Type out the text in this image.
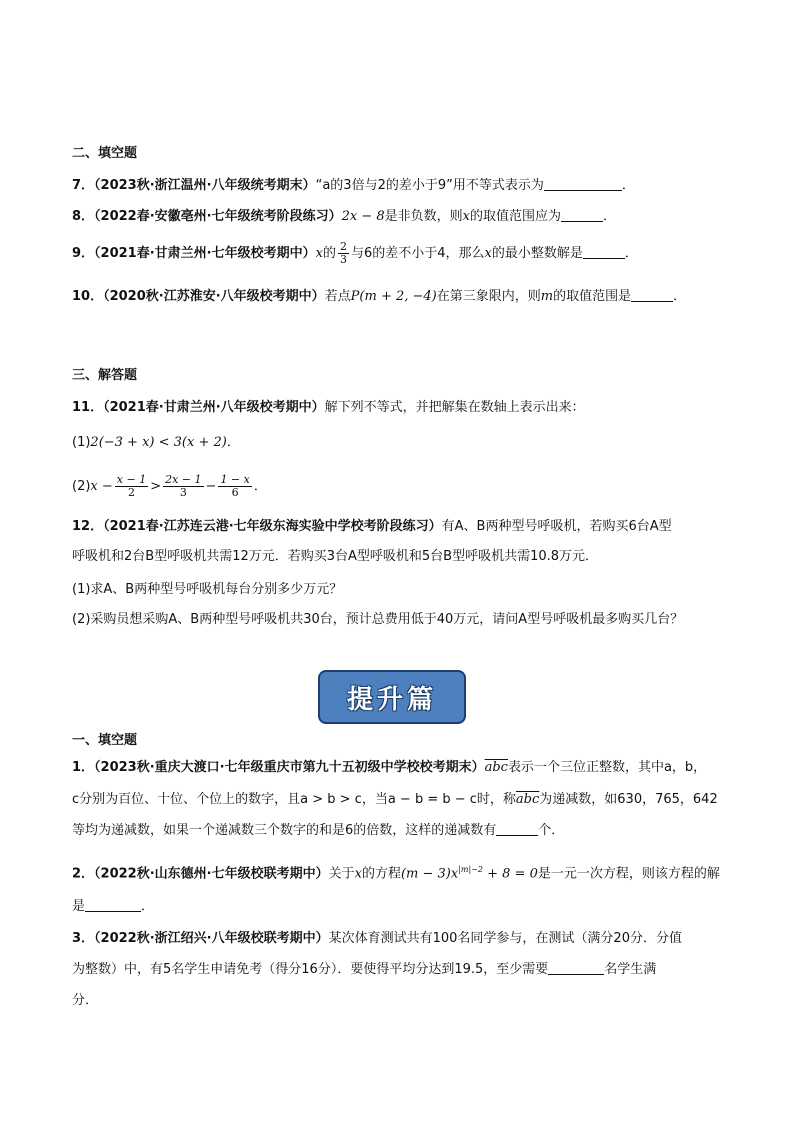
二、填空题
7．（2023秋·浙江温州·八年级统考期末）“a的3倍与2的差小于9”用不等式表示为	．
8．（2022春·安徽亳州·七年级统考阶段练习）2x − 8是非负数，则x的取值范围应为	．
9．（2021春·甘肃兰州·七年级校考期中）x的 $\frac{2}{3}$ 与6的差不小于4，那么x的最小整数解是	．
10．（2020秋·江苏淮安·八年级校考期中）若点P(m + 2, −4)在第三象限内，则m的取值范围是	．
三、解答题
11．（2021春·甘肃兰州·八年级校考期中）解下列不等式，并把解集在数轴上表示出来：
(1)2(−3 + x) < 3(x + 2)．
$(2)x - \frac{x - 1}{2} > \frac{2x - 1}{3} - \frac{1 - x}{6}$ ．
12．（2021春·江苏连云港·七年级东海实验中学校考阶段练习）有A、B两种型号呼吸机，若购买6台A型
呼吸机和2台B型呼吸机共需12万元．若购买3台A型呼吸机和5台B型呼吸机共需10.8万元．
(1)求A、B两种型号呼吸机每台分别多少万元？
(2)采购员想采购A、B两种型号呼吸机共30台，预计总费用低于40万元，请问A型号呼吸机最多购买几台？
提升篇
一、填空题
1．（2023秋·重庆大渡口·七年级重庆市第九十五初级中学校校考期末）$\overline{abc}$表示一个三位正整数，其中a，b，
c分别为百位、十位、个位上的数字，且a > b > c，当a − b = b − c时，称$\overline{abc}$为递减数，如630，765，642
等均为递减数，如果一个递减数三个数字的和是6的倍数，这样的递减数有	个．
2．（2022秋·山东德州·七年级校联考期中）关于x的方程$(m - 3)x^{|m|-2} + 8 = 0$是一元一次方程，则该方程的解
是	．
3．（2022秋·浙江绍兴·八年级校联考期中）某次体育测试共有100名同学参与，在测试（满分20分．分值
为整数）中，有5名学生申请免考（得分16分）．要使得平均分达到19.5，至少需要	名学生满
分．
